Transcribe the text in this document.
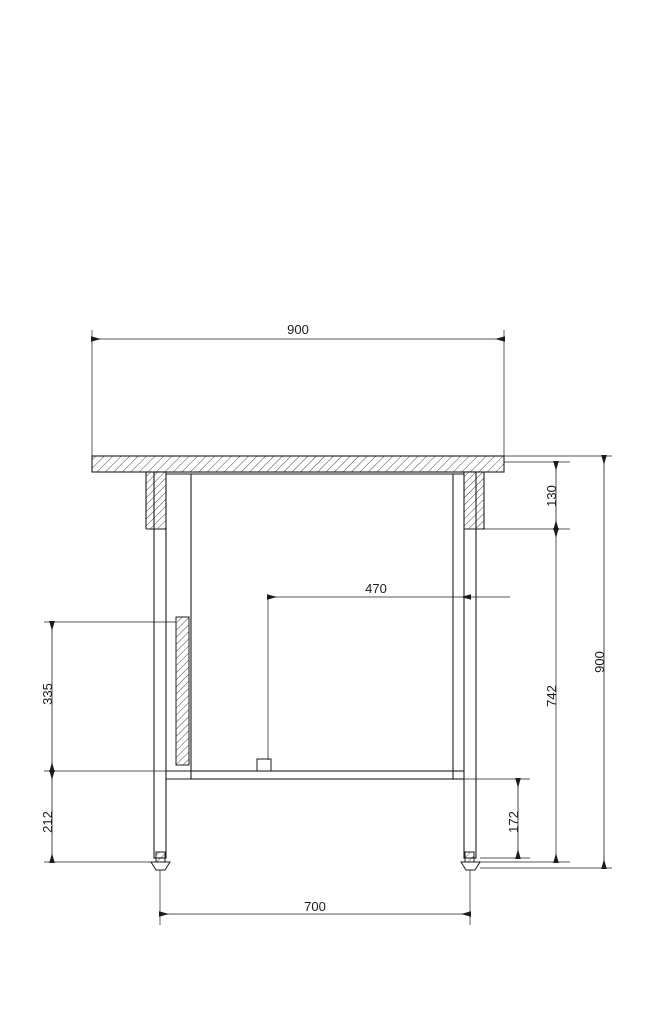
900
470
700
130
742
900
172
335
212
